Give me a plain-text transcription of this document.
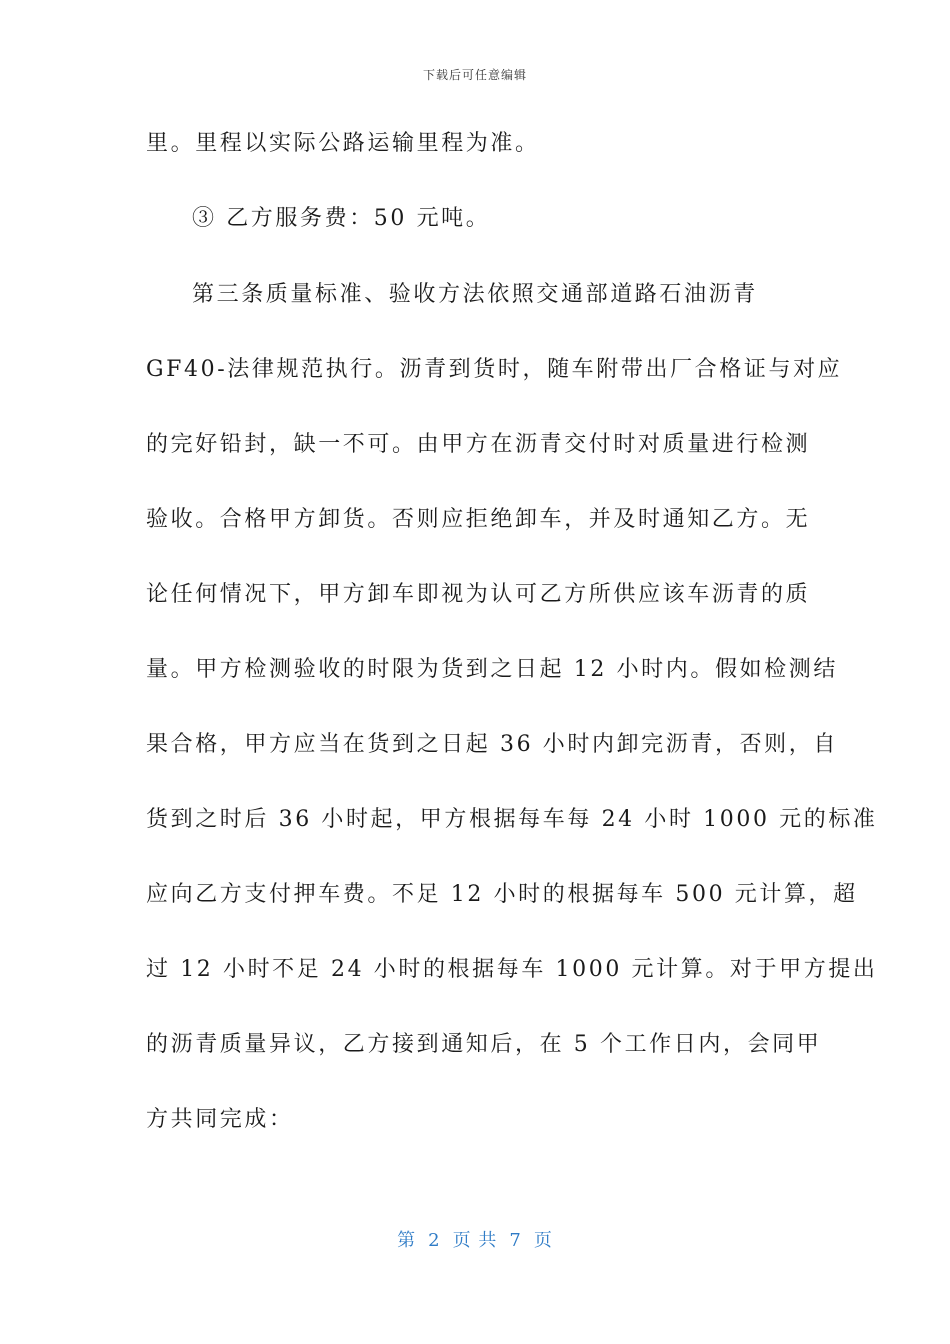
下载后可任意编辑
里。里程以实际公路运输里程为准。
③ 乙方服务费：50 元吨。
第三条质量标准、验收方法依照交通部道路石油沥青
GF40-法律规范执行。沥青到货时，随车附带出厂合格证与对应
的完好铅封，缺一不可。由甲方在沥青交付时对质量进行检测
验收。合格甲方卸货。否则应拒绝卸车，并及时通知乙方。无
论任何情况下，甲方卸车即视为认可乙方所供应该车沥青的质
量。甲方检测验收的时限为货到之日起 12 小时内。假如检测结
果合格，甲方应当在货到之日起 36 小时内卸完沥青，否则，自
货到之时后 36 小时起，甲方根据每车每 24 小时 1000 元的标准
应向乙方支付押车费。不足 12 小时的根据每车 500 元计算，超
过 12 小时不足 24 小时的根据每车 1000 元计算。对于甲方提出
的沥青质量异议，乙方接到通知后，在 5 个工作日内，会同甲
方共同完成：
第 2 页 共 7 页
